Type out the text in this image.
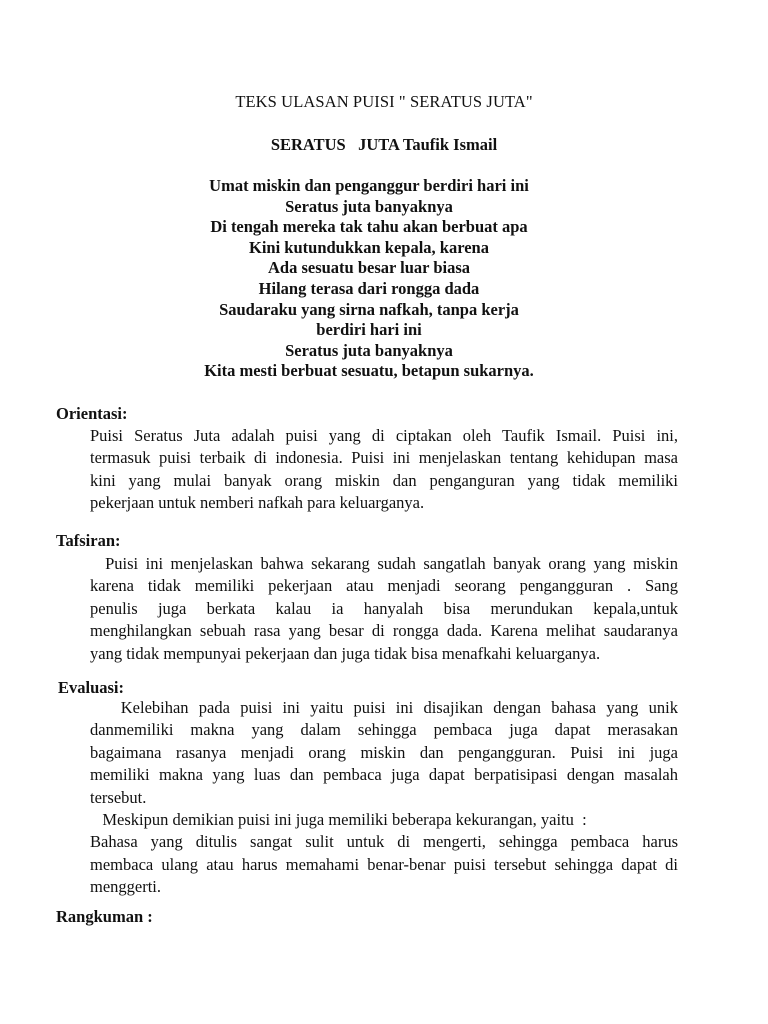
TEKS ULASAN PUISI " SERATUS JUTA"
SERATUS   JUTA Taufik Ismail
Umat miskin dan penganggur berdiri hari ini
Seratus juta banyaknya
Di tengah mereka tak tahu akan berbuat apa
Kini kutundukkan kepala, karena
Ada sesuatu besar luar biasa
Hilang terasa dari rongga dada
Saudaraku yang sirna nafkah, tanpa kerja
berdiri hari ini
Seratus juta banyaknya
Kita mesti berbuat sesuatu, betapun sukarnya.
Orientasi:
Puisi Seratus Juta adalah puisi yang di ciptakan oleh Taufik Ismail. Puisi ini,
termasuk puisi terbaik di indonesia. Puisi ini menjelaskan tentang kehidupan masa
kini yang mulai banyak orang miskin dan penganguran yang tidak memiliki
pekerjaan untuk nemberi nafkah para keluarganya.
Tafsiran:
Puisi ini menjelaskan bahwa sekarang sudah sangatlah banyak orang yang miskin
karena tidak memiliki pekerjaan atau menjadi seorang pengangguran . Sang
penulis juga berkata kalau ia hanyalah bisa merundukan kepala,untuk
menghilangkan sebuah rasa yang besar di rongga dada. Karena melihat saudaranya
yang tidak mempunyai pekerjaan dan juga tidak bisa menafkahi keluarganya.
Evaluasi:
Kelebihan pada puisi ini yaitu puisi ini disajikan dengan bahasa yang unik
danmemiliki makna yang dalam sehingga pembaca juga dapat merasakan
bagaimana rasanya menjadi orang miskin dan pengangguran. Puisi ini juga
memiliki makna yang luas dan pembaca juga dapat berpatisipasi dengan masalah
tersebut.
Meskipun demikian puisi ini juga memiliki beberapa kekurangan, yaitu  :
Bahasa yang ditulis sangat sulit untuk di mengerti, sehingga pembaca harus
membaca ulang atau harus memahami benar-benar puisi tersebut sehingga dapat di
menggerti.
Rangkuman :
